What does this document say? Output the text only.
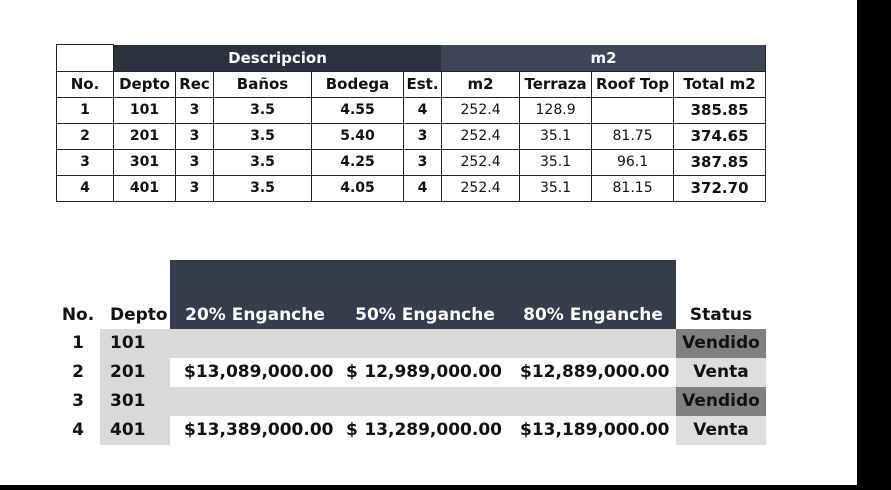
	Descripcion					m2			
No.	Depto	Rec	Baños	Bodega	Est.	m2	Terraza	Roof Top	Total m2
1	101	3	3.5	4.55	4	252.4	128.9		385.85
2	201	3	3.5	5.40	3	252.4	35.1	81.75	374.65
3	301	3	3.5	4.25	3	252.4	35.1	96.1	387.85
4	401	3	3.5	4.05	4	252.4	35.1	81.15	372.70
No.	Depto	20% Enganche	50% Enganche	80% Enganche	Status
1	101				Vendido
2	201	$ 13,089,000.00	$ 12,989,000.00	$ 12,889,000.00	Venta
3	301				Vendido
4	401	$ 13,389,000.00	$ 13,289,000.00	$ 13,189,000.00	Venta
